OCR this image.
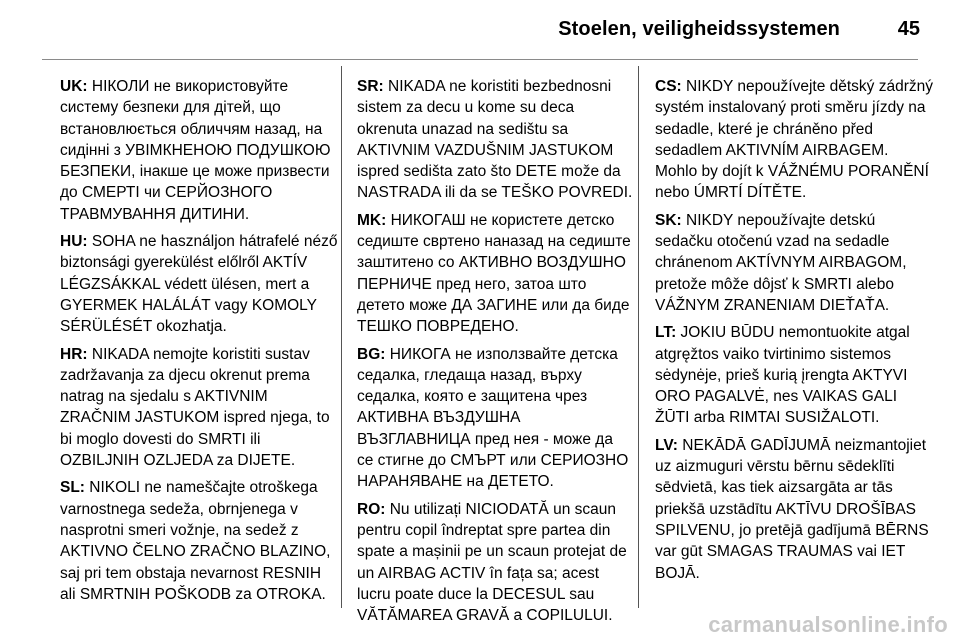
Stoelen, veiligheidssystemen	45

UK: НІКОЛИ не використовуйте систему безпеки для дітей, що встановлюється обличчям назад, на сидінні з УВІМКНЕНОЮ ПОДУШКОЮ БЕЗПЕКИ, інакше це може призвести до СМЕРТІ чи СЕРЙОЗНОГО ТРАВМУВАННЯ ДИТИНИ.

HU: SOHA ne használjon hátrafelé néző biztonsági gyerekülést előlről AKTÍV LÉGZSÁKKAL védett ülésen, mert a GYERMEK HALÁLÁT vagy KOMOLY SÉRÜLÉSÉT okozhatja.

HR: NIKADA nemojte koristiti sustav zadržavanja za djecu okrenut prema natrag na sjedalu s AKTIVNIM ZRAČNIM JASTUKOM ispred njega, to bi moglo dovesti do SMRTI ili OZBILJNIH OZLJEDA za DIJETE.

SL: NIKOLI ne nameščajte otroškega varnostnega sedeža, obrnjenega v nasprotni smeri vožnje, na sedež z AKTIVNO ČELNO ZRAČNO BLAZINO, saj pri tem obstaja nevarnost RESNIH ali SMRTNIH POŠKODB za OTROKA.

SR: NIKADA ne koristiti bezbednosni sistem za decu u kome su deca okrenuta unazad na sedištu sa AKTIVNIM VAZDUŠNIM JASTUKOM ispred sedišta zato što DETE može da NASTRADA ili da se TEŠKO POVREDI.

MK: НИКОГАШ не користете детско седиште свртено наназад на седиште заштитено со АКТИВНО ВОЗДУШНО ПЕРНИЧЕ пред него, затоа што детето може ДА ЗАГИНЕ или да биде ТЕШКО ПОВРЕДЕНО.

BG: НИКОГА не използвайте детска седалка, гледаща назад, върху седалка, която е защитена чрез АКТИВНА ВЪЗДУШНА ВЪЗГЛАВНИЦА пред нея - може да се стигне до СМЪРТ или СЕРИОЗНО НАРАНЯВАНЕ на ДЕТЕТО.

RO: Nu utilizați NICIODATĂ un scaun pentru copil îndreptat spre partea din spate a mașinii pe un scaun protejat de un AIRBAG ACTIV în fața sa; acest lucru poate duce la DECESUL sau VĂTĂMAREA GRAVĂ a COPILULUI.

CS: NIKDY nepoužívejte dětský zádržný systém instalovaný proti směru jízdy na sedadle, které je chráněno před sedadlem AKTIVNÍM AIRBAGEM. Mohlo by dojít k VÁŽNÉMU PORANĚNÍ nebo ÚMRTÍ DÍTĚTE.

SK: NIKDY nepoužívajte detskú sedačku otočenú vzad na sedadle chránenom AKTÍVNYM AIRBAGOM, pretože môže dôjsť k SMRTI alebo VÁŽNYM ZRANENIAM DIEŤAŤA.

LT: JOKIU BŪDU nemontuokite atgal atgręžtos vaiko tvirtinimo sistemos sėdynėje, prieš kurią įrengta AKTYVI ORO PAGALVĖ, nes VAIKAS GALI ŽŪTI arba RIMTAI SUSIŽALOTI.

LV: NEKĀDĀ GADĪJUMĀ neizmantojiet uz aizmuguri vērstu bērnu sēdeklīti sēdvietā, kas tiek aizsargāta ar tās priekšā uzstādītu AKTĪVU DROŠĪBAS SPILVENU, jo pretējā gadījumā BĒRNS var gūt SMAGAS TRAUMAS vai IET BOJĀ.

carmanualsonline.info
